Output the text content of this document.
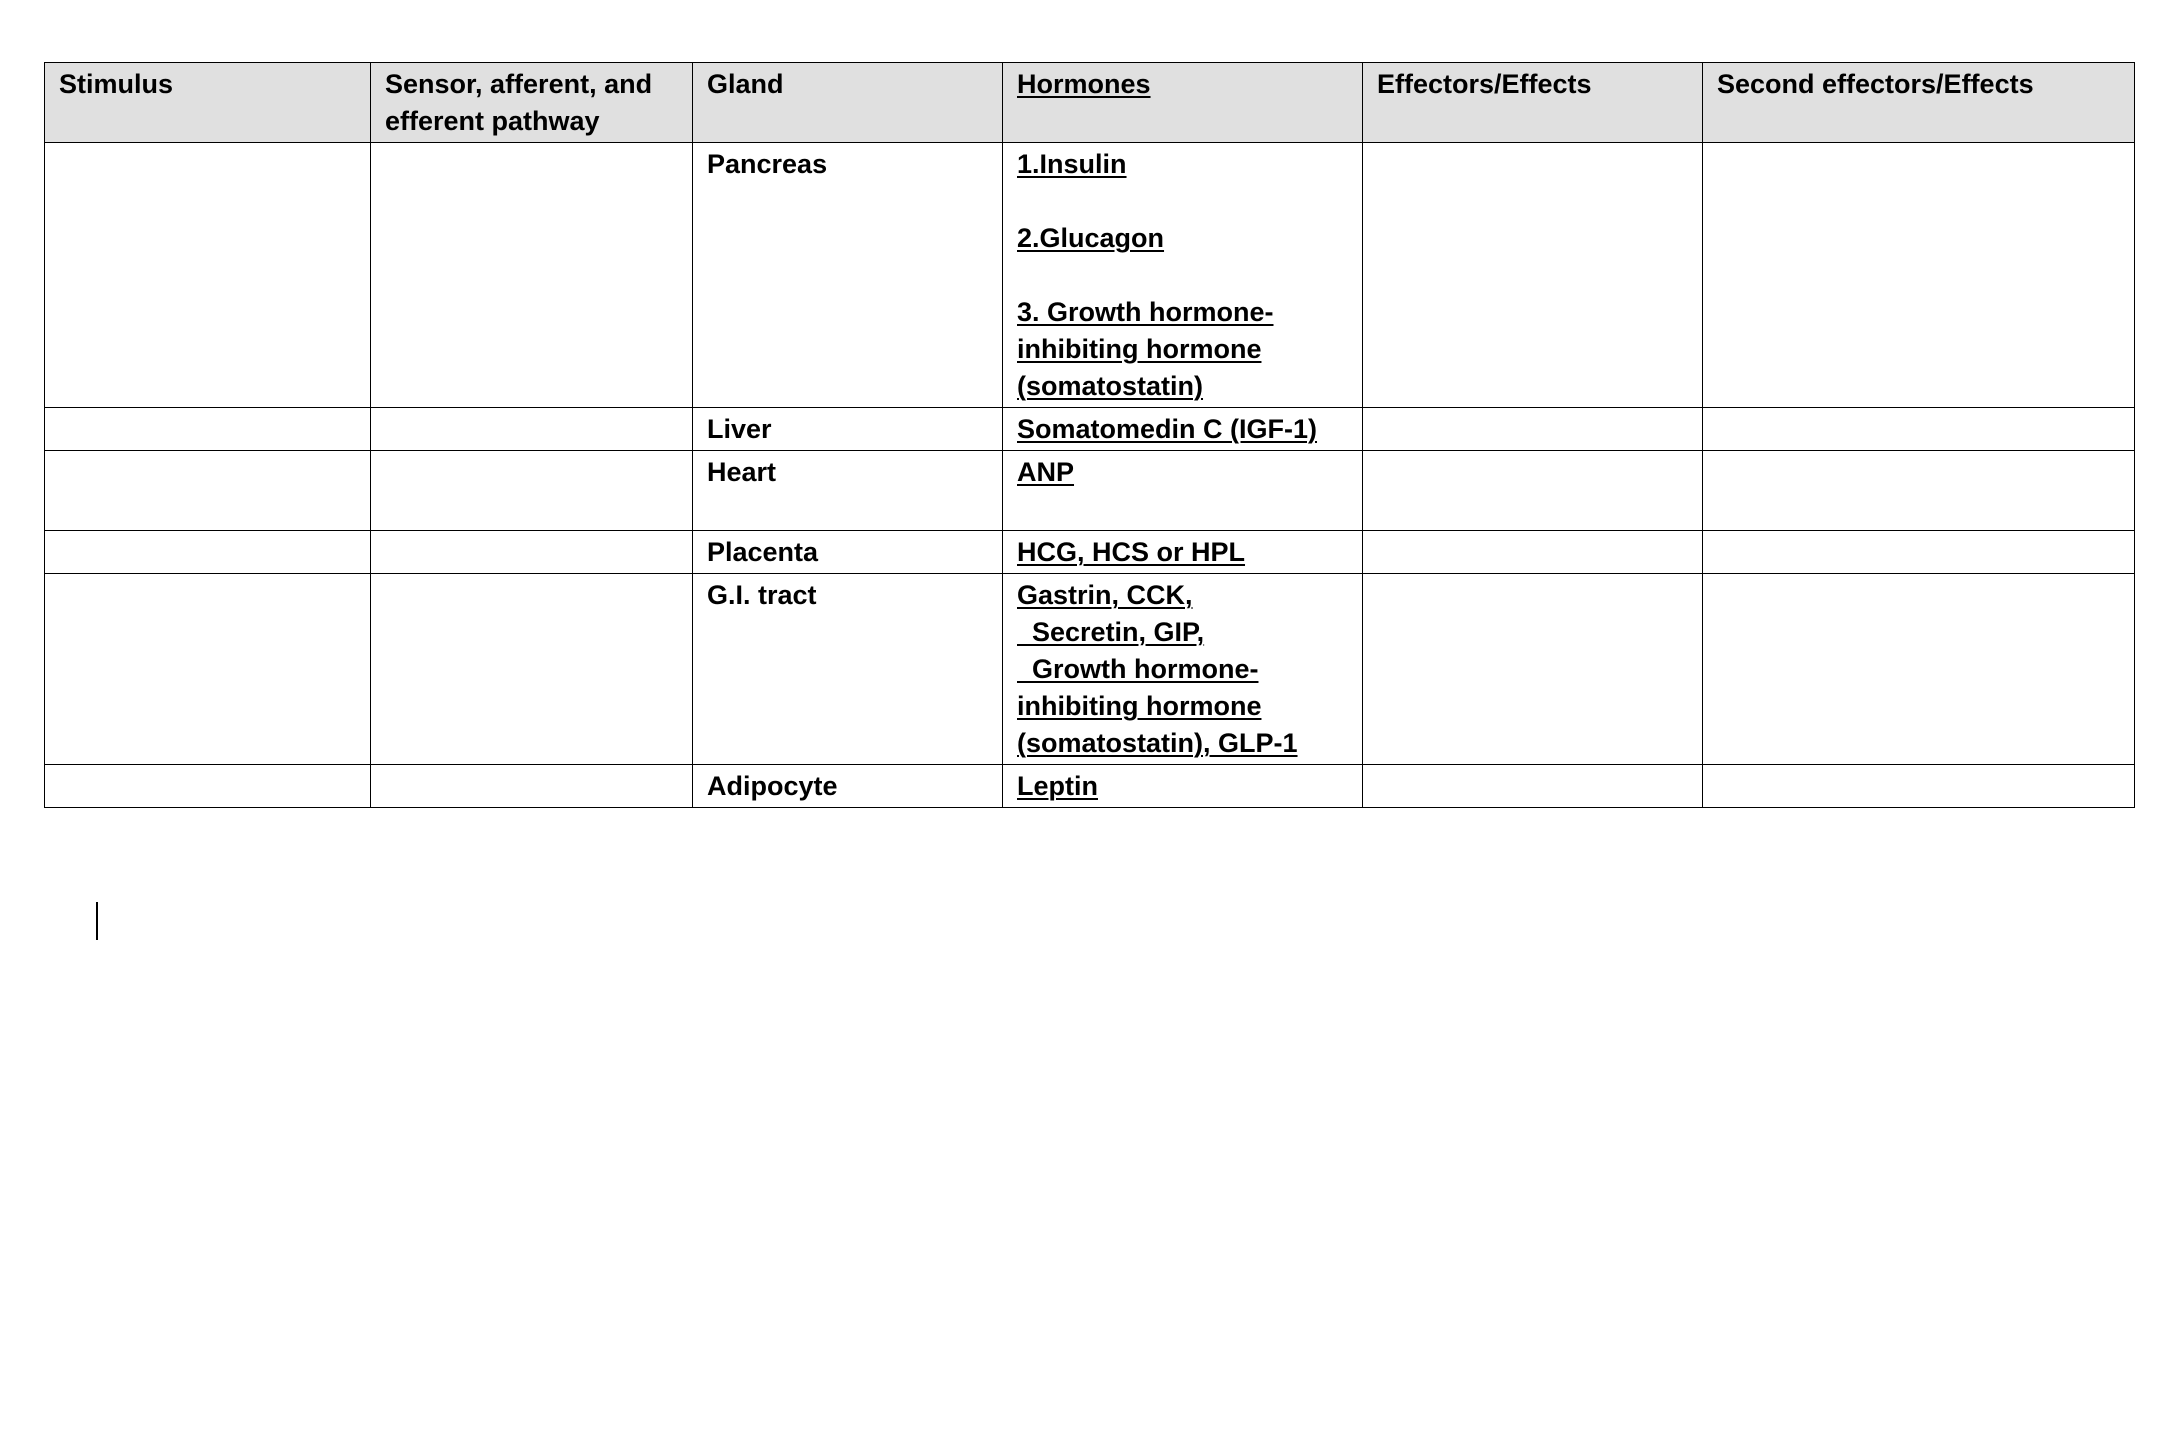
Stimulus	Sensor, afferent, and
efferent pathway	Gland	Hormones	Effectors/Effects	Second effectors/Effects
		Pancreas	1.Insulin
2.Glucagon
3. Growth hormone-
inhibiting hormone
(somatostatin)		

		Liver	Somatomedin C (IGF-1)		

		Heart	ANP		

		Placenta	HCG, HCS or HPL		

		G.I. tract	Gastrin, CCK,
Secretin, GIP,
Growth hormone-
inhibiting hormone
(somatostatin), GLP-1		

		Adipocyte	Leptin		
